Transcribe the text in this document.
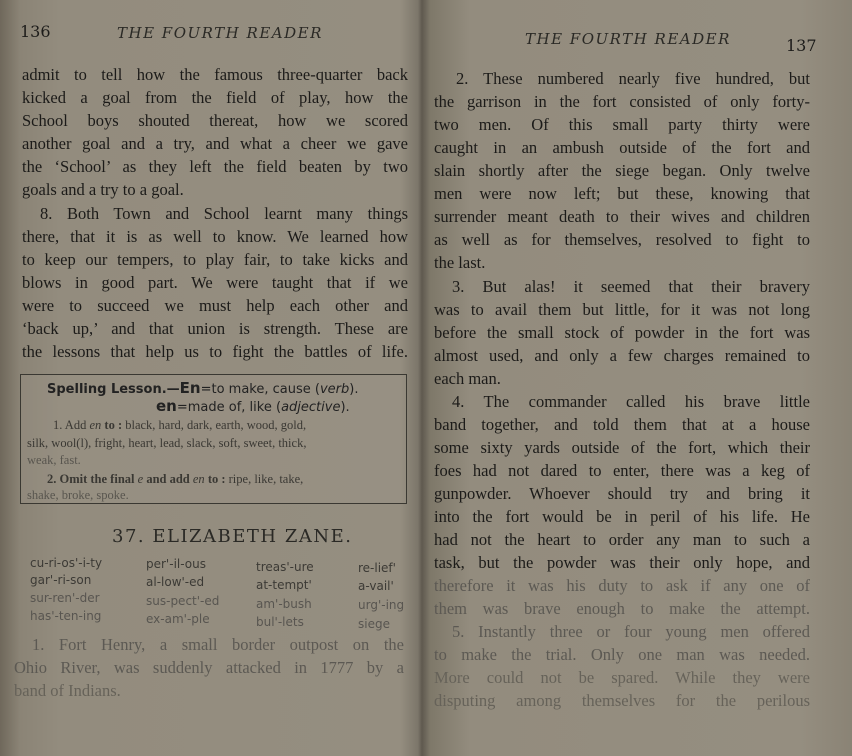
136	THE FOURTH READER
admit to tell how the famous three-quarter back
kicked a goal from the field of play, how the
School boys shouted thereat, how we scored
another goal and a try, and what a cheer we gave
the ‘School’ as they left the field beaten by two
goals and a try to a goal.
8. Both Town and School learnt many things
there, that it is as well to know. We learned how
to keep our tempers, to play fair, to take kicks and
blows in good part. We were taught that if we
were to succeed we must help each other and
‘back up,’ and that union is strength. These are
the lessons that help us to fight the battles of life.
Spelling Lesson.—En=to make, cause (verb).
en=made of, like (adjective).
1. Add en to : black, hard, dark, earth, wood, gold,
silk, wool(l), fright, heart, lead, slack, soft, sweet, thick,
weak, fast.
2. Omit the final e and add en to : ripe, like, take,
shake, broke, spoke.
37. ELIZABETH ZANE.
cu-ri-os'-i-ty	per'-il-ous	treas'-ure	re-lief'
gar'-ri-son	al-low'-ed	at-tempt'	a-vail'
sur-ren'-der	sus-pect'-ed	am'-bush	urg'-ing
has'-ten-ing	ex-am'-ple	bul'-lets	siege
1. Fort Henry, a small border outpost on the
Ohio River, was suddenly attacked in 1777 by a
band of Indians.
THE FOURTH READER	137
2. These numbered nearly five hundred, but
the garrison in the fort consisted of only forty-
two men. Of this small party thirty were
caught in an ambush outside of the fort and
slain shortly after the siege began. Only twelve
men were now left; but these, knowing that
surrender meant death to their wives and children
as well as for themselves, resolved to fight to
the last.
3. But alas! it seemed that their bravery
was to avail them but little, for it was not long
before the small stock of powder in the fort was
almost used, and only a few charges remained to
each man.
4. The commander called his brave little
band together, and told them that at a house
some sixty yards outside of the fort, which their
foes had not dared to enter, there was a keg of
gunpowder. Whoever should try and bring it
into the fort would be in peril of his life. He
had not the heart to order any man to such a
task, but the powder was their only hope, and
therefore it was his duty to ask if any one of
them was brave enough to make the attempt.
5. Instantly three or four young men offered
to make the trial. Only one man was needed.
More could not be spared. While they were
disputing among themselves for the perilous
